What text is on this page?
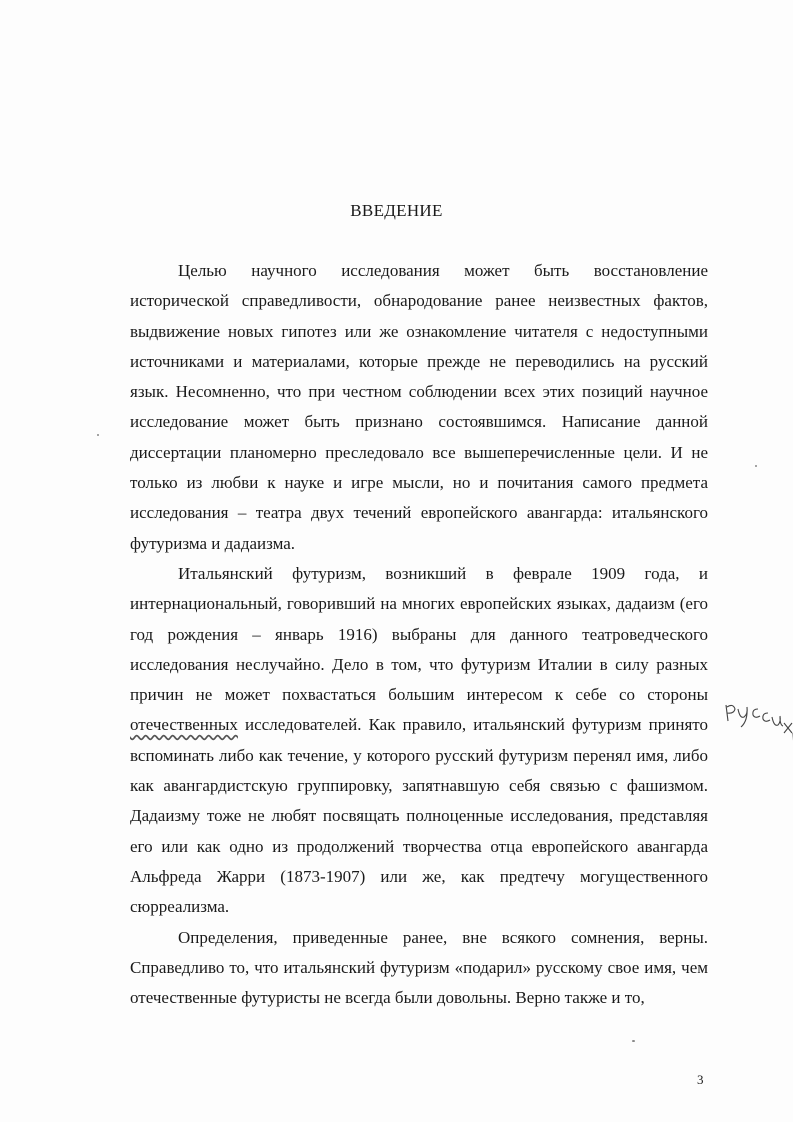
ВВЕДЕНИЕ

Целью научного исследования может быть восстановление исторической справедливости, обнародование ранее неизвестных фактов, выдвижение новых гипотез или же ознакомление читателя с недоступными источниками и материалами, которые прежде не переводились на русский язык. Несомненно, что при честном соблюдении всех этих позиций научное исследование может быть признано состоявшимся. Написание данной диссертации планомерно преследовало все вышеперечисленные цели. И не только из любви к науке и игре мысли, но и почитания самого предмета исследования – театра двух течений европейского авангарда: итальянского футуризма и дадаизма.

Итальянский футуризм, возникший в феврале 1909 года, и интернациональный, говоривший на многих европейских языках, дадаизм (его год рождения – январь 1916) выбраны для данного театроведческого исследования неслучайно. Дело в том, что футуризм Италии в силу разных причин не может похвастаться большим интересом к себе со стороны отечественных исследователей. Как правило, итальянский футуризм принято вспоминать либо как течение, у которого русский футуризм перенял имя, либо как авангардистскую группировку, запятнавшую себя связью с фашизмом. Дадаизму тоже не любят посвящать полноценные исследования, представляя его или как одно из продолжений творчества отца европейского авангарда Альфреда Жарри (1873-1907) или же, как предтечу могущественного сюрреализма.

Определения, приведенные ранее, вне всякого сомнения, верны. Справедливо то, что итальянский футуризм «подарил» русскому свое имя, чем отечественные футуристы не всегда были довольны. Верно также и то,

3
